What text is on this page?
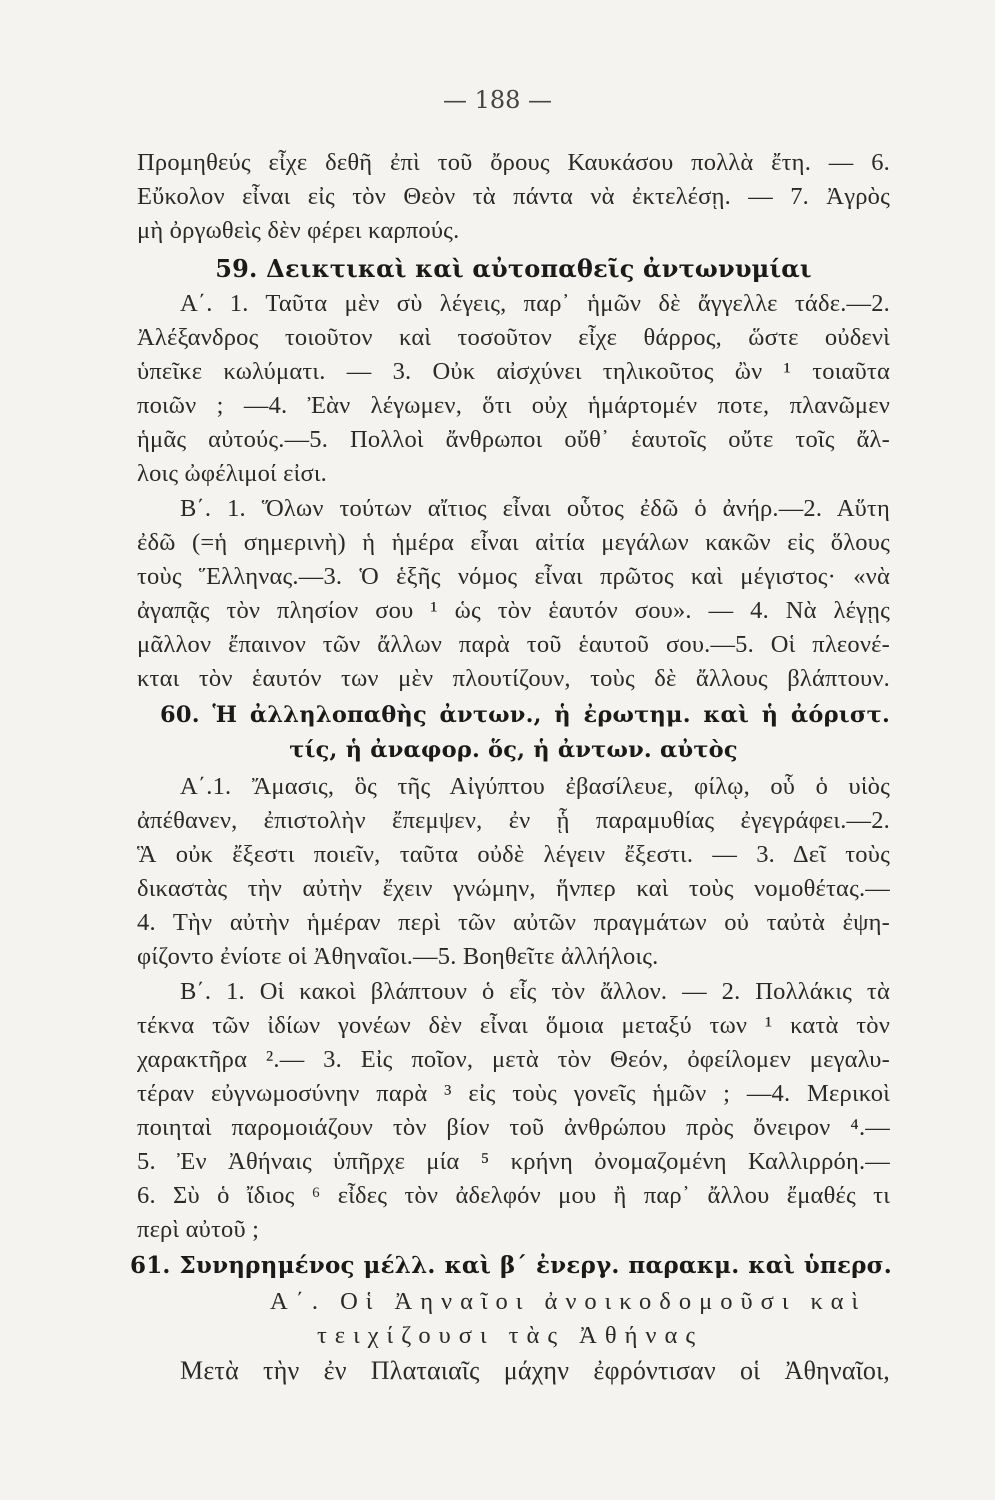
— 188 —
Προμηθεύς εἶχε δεθῆ ἐπὶ τοῦ ὄρους Καυκάσου πολλὰ ἔτη. — 6.
Εὔκολον εἶναι εἰς τὸν Θεὸν τὰ πάντα νὰ ἐκτελέσῃ. — 7. Ἀγρὸς
μὴ ὀργωθεὶς δὲν φέρει καρπούς.
59. Δεικτικαὶ καὶ αὐτοπαθεῖς ἀντωνυμίαι
Α΄. 1. Ταῦτα μὲν σὺ λέγεις, παρ᾽ ἡμῶν δὲ ἄγγελλε τάδε.—2.
Ἀλέξανδρος τοιοῦτον καὶ τοσοῦτον εἶχε θάρρος, ὥστε οὐδενὶ
ὑπεῖκε κωλύματι. — 3. Οὐκ αἰσχύνει τηλικοῦτος ὢν ¹ τοιαῦτα
ποιῶν ; —4. Ἐὰν λέγωμεν, ὅτι οὐχ ἡμάρτομέν ποτε, πλανῶμεν
ἡμᾶς αὐτούς.—5. Πολλοὶ ἄνθρωποι οὔθ᾽ ἑαυτοῖς οὔτε τοῖς ἄλ-
λοις ὠφέλιμοί εἰσι.
Β΄. 1. Ὅλων τούτων αἴτιος εἶναι οὗτος ἐδῶ ὁ ἀνήρ.—2. Αὕτη
ἐδῶ (=ἡ σημερινὴ) ἡ ἡμέρα εἶναι αἰτία μεγάλων κακῶν εἰς ὅλους
τοὺς Ἕλληνας.—3. Ὁ ἑξῆς νόμος εἶναι πρῶτος καὶ μέγιστος· «νὰ
ἀγαπᾷς τὸν πλησίον σου ¹ ὡς τὸν ἑαυτόν σου». — 4. Νὰ λέγῃς
μᾶλλον ἔπαινον τῶν ἄλλων παρὰ τοῦ ἑαυτοῦ σου.—5. Οἱ πλεονέ-
κται τὸν ἑαυτόν των μὲν πλουτίζουν, τοὺς δὲ ἄλλους βλάπτουν.
60. Ἡ ἀλληλοπαθὴς ἀντων., ἡ ἐρωτημ. καὶ ἡ ἀόριστ.
τίς, ἡ ἀναφορ. ὅς, ἡ ἀντων. αὐτὸς
Α΄.1. Ἄμασις, ὃς τῆς Αἰγύπτου ἐβασίλευε, φίλῳ, οὗ ὁ υἱὸς
ἀπέθανεν, ἐπιστολὴν ἔπεμψεν, ἐν ᾗ παραμυθίας ἐγεγράφει.—2.
Ἃ οὐκ ἔξεστι ποιεῖν, ταῦτα οὐδὲ λέγειν ἔξεστι. — 3. Δεῖ τοὺς
δικαστὰς τὴν αὐτὴν ἔχειν γνώμην, ἥνπερ καὶ τοὺς νομοθέτας.—
4. Τὴν αὐτὴν ἡμέραν περὶ τῶν αὐτῶν πραγμάτων οὐ ταὐτὰ ἐψη-
φίζοντο ἐνίοτε οἱ Ἀθηναῖοι.—5. Βοηθεῖτε ἀλλήλοις.
Β΄. 1. Οἱ κακοὶ βλάπτουν ὁ εἷς τὸν ἄλλον. — 2. Πολλάκις τὰ
τέκνα τῶν ἰδίων γονέων δὲν εἶναι ὅμοια μεταξύ των ¹ κατὰ τὸν
χαρακτῆρα ².— 3. Εἰς ποῖον, μετὰ τὸν Θεόν, ὀφείλομεν μεγαλυ-
τέραν εὐγνωμοσύνην παρὰ ³ εἰς τοὺς γονεῖς ἡμῶν ; —4. Μερικοὶ
ποιηταὶ παρομοιάζουν τὸν βίον τοῦ ἀνθρώπου πρὸς ὄνειρον ⁴.—
5. Ἐν Ἀθήναις ὑπῆρχε μία ⁵ κρήνη ὀνομαζομένη Καλλιρρόη.—
6. Σὺ ὁ ἴδιος ⁶ εἶδες τὸν ἀδελφόν μου ἢ παρ᾽ ἄλλου ἔμαθές τι
περὶ αὐτοῦ ;
61. Συνηρημένος μέλλ. καὶ β΄ ἐνεργ. παρακμ. καὶ ὑπερσ.
Α΄. Οἱ Ἀηναῖοι ἀνοικοδομοῦσι καὶ
τειχίζουσι τὰς Ἀθήνας
Μετὰ τὴν ἐν Πλαταιαῖς μάχην ἐφρόντισαν οἱ Ἀθηναῖοι,
